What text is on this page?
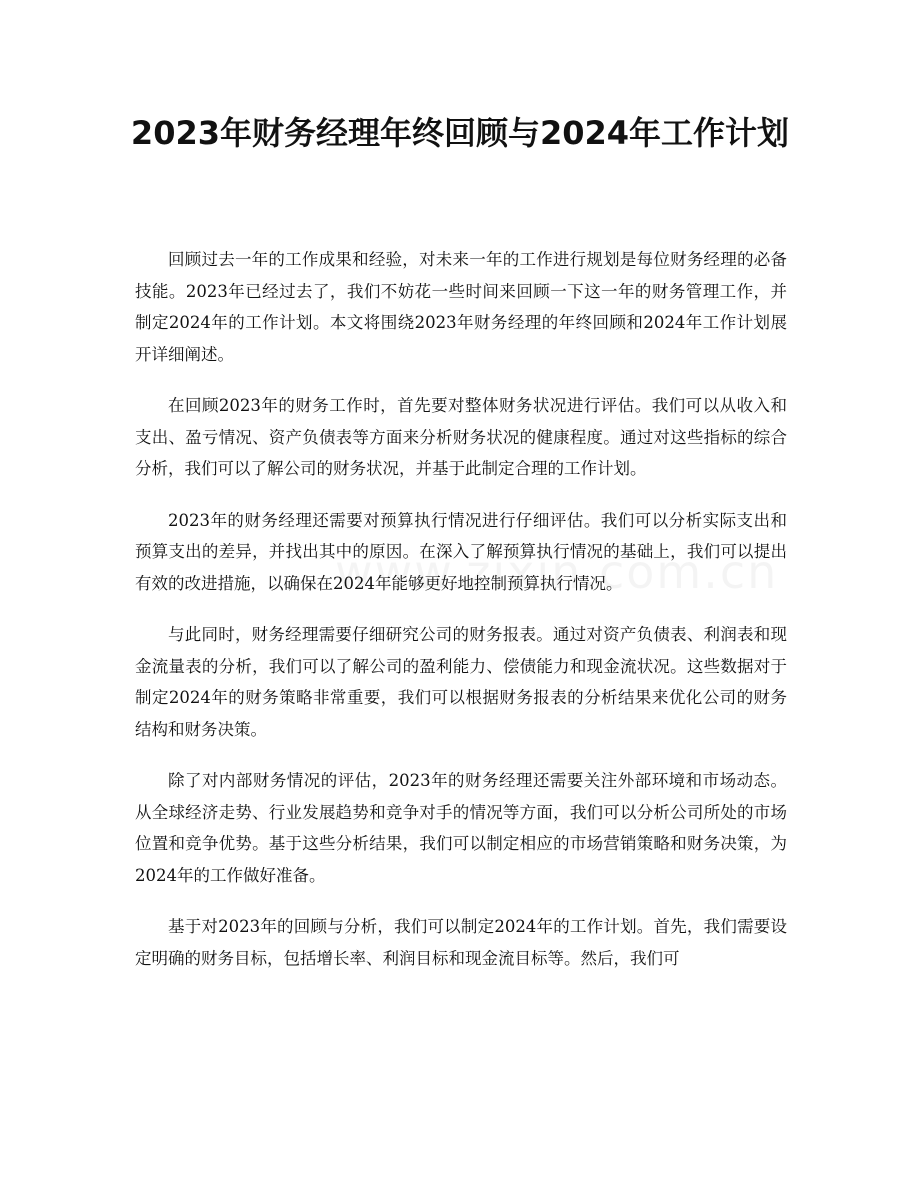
2023年财务经理年终回顾与2024年工作计划

回顾过去一年的工作成果和经验，对未来一年的工作进行规划是每位财务经理的必备技能。2023年已经过去了，我们不妨花一些时间来回顾一下这一年的财务管理工作，并制定2024年的工作计划。本文将围绕2023年财务经理的年终回顾和2024年工作计划展开详细阐述。

在回顾2023年的财务工作时，首先要对整体财务状况进行评估。我们可以从收入和支出、盈亏情况、资产负债表等方面来分析财务状况的健康程度。通过对这些指标的综合分析，我们可以了解公司的财务状况，并基于此制定合理的工作计划。

2023年的财务经理还需要对预算执行情况进行仔细评估。我们可以分析实际支出和预算支出的差异，并找出其中的原因。在深入了解预算执行情况的基础上，我们可以提出有效的改进措施，以确保在2024年能够更好地控制预算执行情况。

与此同时，财务经理需要仔细研究公司的财务报表。通过对资产负债表、利润表和现金流量表的分析，我们可以了解公司的盈利能力、偿债能力和现金流状况。这些数据对于制定2024年的财务策略非常重要，我们可以根据财务报表的分析结果来优化公司的财务结构和财务决策。

除了对内部财务情况的评估，2023年的财务经理还需要关注外部环境和市场动态。从全球经济走势、行业发展趋势和竞争对手的情况等方面，我们可以分析公司所处的市场位置和竞争优势。基于这些分析结果，我们可以制定相应的市场营销策略和财务决策，为2024年的工作做好准备。

基于对2023年的回顾与分析，我们可以制定2024年的工作计划。首先，我们需要设定明确的财务目标，包括增长率、利润目标和现金流目标等。然后，我们可
